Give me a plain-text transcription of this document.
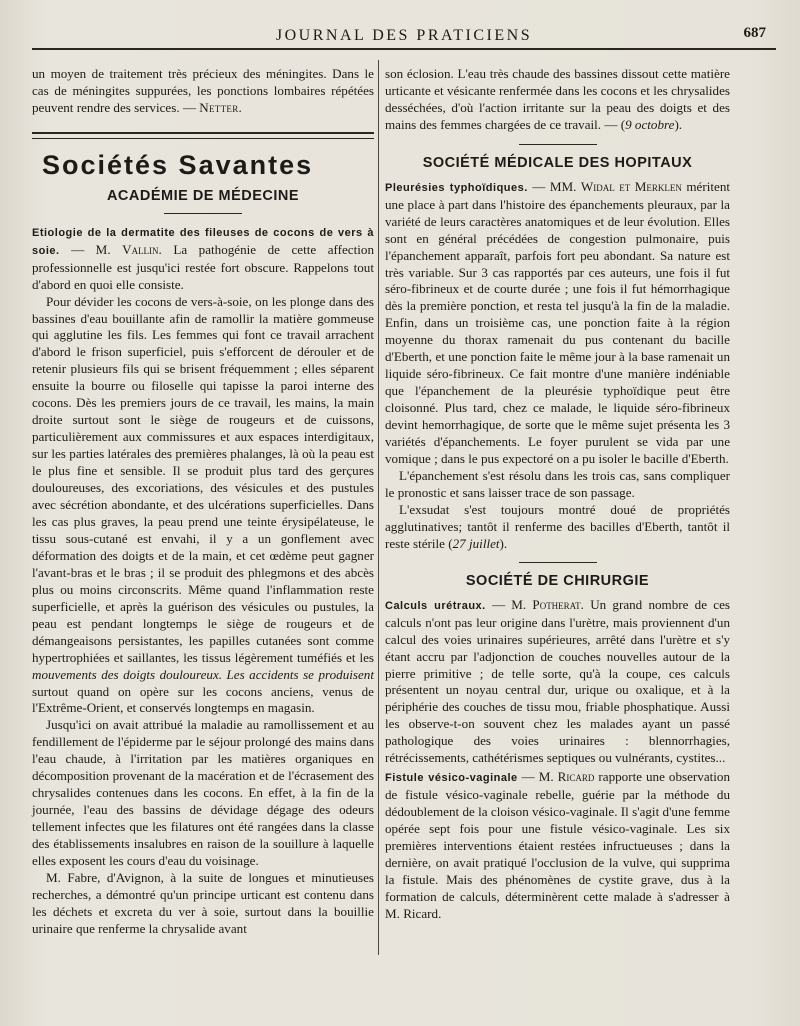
JOURNAL DES PRATICIENS	687

un moyen de traitement très précieux des méningites. Dans le cas de méningites suppurées, les ponctions lombaires répétées peuvent rendre des services. — Netter.

Sociétés Savantes
ACADÉMIE DE MÉDECINE

Etiologie de la dermatite des fileuses de cocons de vers à soie. — M. Vallin. La pathogénie de cette affection professionnelle est jusqu'ici restée fort obscure. Rappelons tout d'abord en quoi elle consiste.

Pour dévider les cocons de vers-à-soie, on les plonge dans des bassines d'eau bouillante afin de ramollir la matière gommeuse qui agglutine les fils. Les femmes qui font ce travail arrachent d'abord le frison superficiel, puis s'efforcent de dérouler et de retenir plusieurs fils qui se brisent fréquemment ; elles séparent ensuite la bourre ou filoselle qui tapisse la paroi interne des cocons. Dès les premiers jours de ce travail, les mains, la main droite surtout sont le siège de rougeurs et de cuissons, particulièrement aux commissures et aux espaces interdigitaux, sur les parties latérales des premières phalanges, là où la peau est le plus fine et sensible. Il se produit plus tard des gerçures douloureuses, des excoriations, des vésicules et des pustules avec sécrétion abondante, et des ulcérations superficielles. Dans les cas plus graves, la peau prend une teinte érysipélateuse, le tissu sous-cutané est envahi, il y a un gonflement avec déformation des doigts et de la main, et cet œdème peut gagner l'avant-bras et le bras ; il se produit des phlegmons et des abcès plus ou moins circonscrits. Même quand l'inflammation reste superficielle, et après la guérison des vésicules ou pustules, la peau est pendant longtemps le siège de rougeurs et de démangeaisons persistantes, les papilles cutanées sont comme hypertrophiées et saillantes, les tissus légèrement tuméfiés et les mouvements des doigts douloureux. Les accidents se produisent surtout quand on opère sur les cocons anciens, venus de l'Extrême-Orient, et conservés longtemps en magasin.

Jusqu'ici on avait attribué la maladie au ramollissement et au fendillement de l'épiderme par le séjour prolongé des mains dans l'eau chaude, à l'irritation par les matières organiques en décomposition provenant de la macération et de l'écrasement des chrysalides contenues dans les cocons. En effet, à la fin de la journée, l'eau des bassins de dévidage dégage des odeurs tellement infectes que les filatures ont été rangées dans la classe des établissements insalubres en raison de la souillure à laquelle elles exposent les cours d'eau du voisinage.

M. Fabre, d'Avignon, à la suite de longues et minutieuses recherches, a démontré qu'un principe urticant est contenu dans les déchets et excreta du ver à soie, surtout dans la bouillie urinaire que renferme la chrysalide avant

son éclosion. L'eau très chaude des bassines dissout cette matière urticante et vésicante renfermée dans les cocons et les chrysalides desséchées, d'où l'action irritante sur la peau des doigts et des mains des femmes chargées de ce travail. — (9 octobre).

SOCIÉTÉ MÉDICALE DES HOPITAUX

Pleurésies typhoïdiques. — MM. Widal et Merklen méritent une place à part dans l'histoire des épanchements pleuraux, par la variété de leurs caractères anatomiques et de leur évolution. Elles sont en général précédées de congestion pulmonaire, puis l'épanchement apparaît, parfois fort peu abondant. Sa nature est très variable. Sur 3 cas rapportés par ces auteurs, une fois il fut séro-fibrineux et de courte durée ; une fois il fut hémorrhagique dès la première ponction, et resta tel jusqu'à la fin de la maladie. Enfin, dans un troisième cas, une ponction faite à la région moyenne du thorax ramenait du pus contenant du bacille d'Eberth, et une ponction faite le même jour à la base ramenait un liquide séro-fibrineux. Ce fait montre d'une manière indéniable que l'épanchement de la pleurésie typhoïdique peut être cloisonné. Plus tard, chez ce malade, le liquide séro-fibrineux devint hemorrhagique, de sorte que le même sujet présenta les 3 variétés d'épanchements. Le foyer purulent se vida par une vomique ; dans le pus expectoré on a pu isoler le bacille d'Eberth.

L'épanchement s'est résolu dans les trois cas, sans compliquer le pronostic et sans laisser trace de son passage.

L'exsudat s'est toujours montré doué de propriétés agglutinatives; tantôt il renferme des bacilles d'Eberth, tantôt il reste stérile (27 juillet).

SOCIÉTÉ DE CHIRURGIE

Calculs urétraux. — M. Potherat. Un grand nombre de ces calculs n'ont pas leur origine dans l'urètre, mais proviennent d'un calcul des voies urinaires supérieures, arrêté dans l'urètre et s'y étant accru par l'adjonction de couches nouvelles autour de la pierre primitive ; de telle sorte, qu'à la coupe, ces calculs présentent un noyau central dur, urique ou oxalique, et à la périphérie des couches de tissu mou, friable phosphatique. Aussi les observe-t-on souvent chez les malades ayant un passé pathologique des voies urinaires : blennorrhagies, rétrécissements, cathétérismes septiques ou vulnérants, cystites...

Fistule vésico-vaginale — M. Ricard rapporte une observation de fistule vésico-vaginale rebelle, guérie par la méthode du dédoublement de la cloison vésico-vaginale. Il s'agit d'une femme opérée sept fois pour une fistule vésico-vaginale. Les six premières interventions étaient restées infructueuses ; dans la dernière, on avait pratiqué l'occlusion de la vulve, qui supprima la fistule. Mais des phénomènes de cystite grave, dus à la formation de calculs, déterminèrent cette malade à s'adresser à M. Ricard.
